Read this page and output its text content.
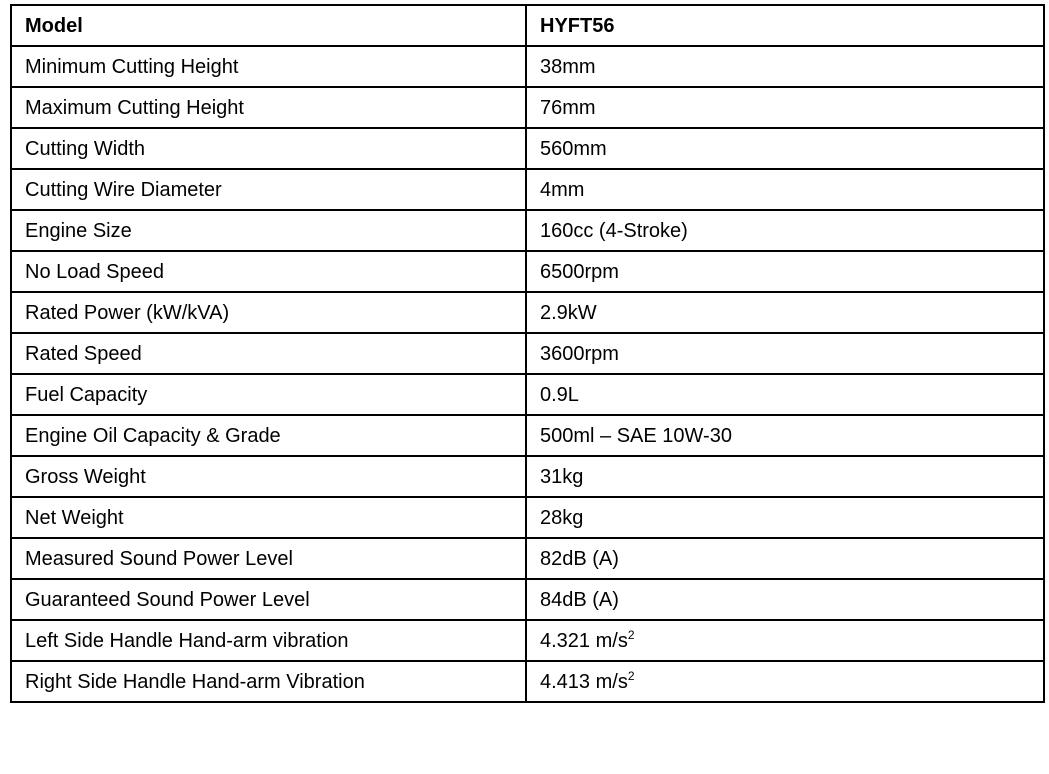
Model	HYFT56
Minimum Cutting Height	38mm
Maximum Cutting Height	76mm
Cutting Width	560mm
Cutting Wire Diameter	4mm
Engine Size	160cc (4-Stroke)
No Load Speed	6500rpm
Rated Power (kW/kVA)	2.9kW
Rated Speed	3600rpm
Fuel Capacity	0.9L
Engine Oil Capacity & Grade	500ml – SAE 10W-30
Gross Weight	31kg
Net Weight	28kg
Measured Sound Power Level	82dB (A)
Guaranteed Sound Power Level	84dB (A)
Left Side Handle Hand-arm vibration	4.321 $m/s^2$
Right Side Handle Hand-arm Vibration	4.413 $m/s^2$
